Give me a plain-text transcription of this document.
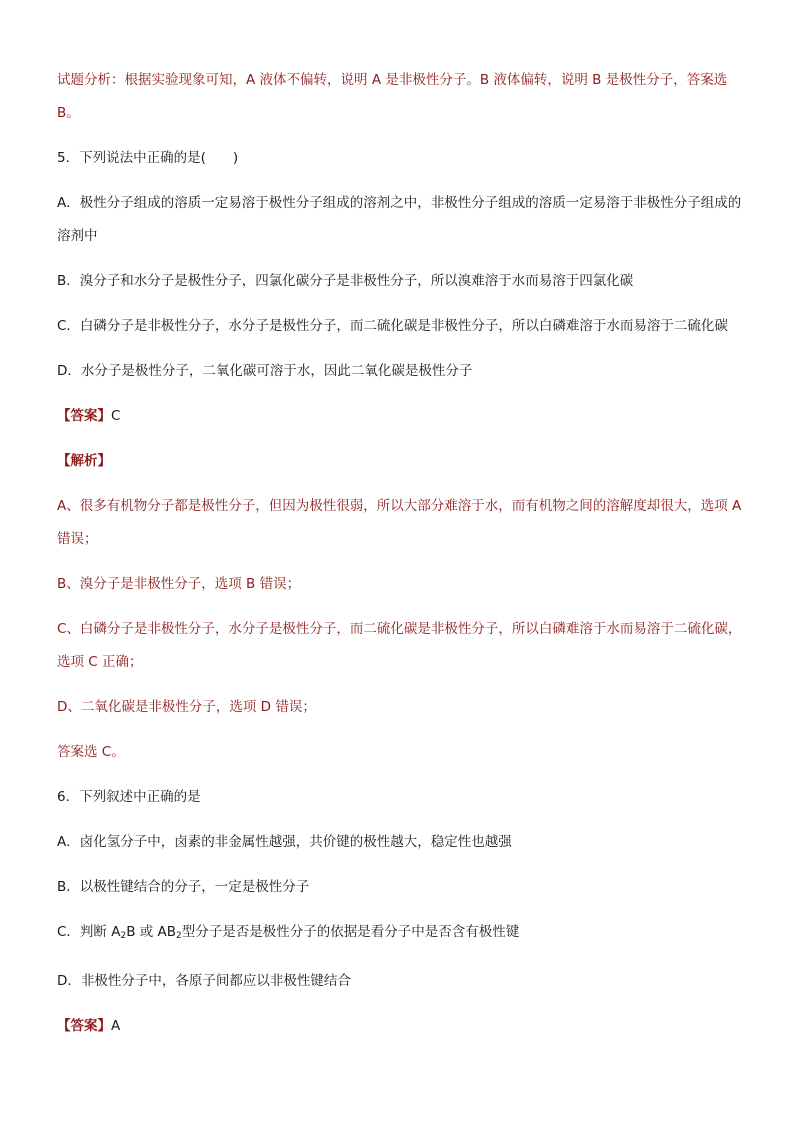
试题分析：根据实验现象可知，A 液体不偏转，说明 A 是非极性分子。B 液体偏转，说明 B 是极性分子，答案选 B。

5．下列说法中正确的是(　　)

A．极性分子组成的溶质一定易溶于极性分子组成的溶剂之中，非极性分子组成的溶质一定易溶于非极性分子组成的溶剂中

B．溴分子和水分子是极性分子，四氯化碳分子是非极性分子，所以溴难溶于水而易溶于四氯化碳

C．白磷分子是非极性分子，水分子是极性分子，而二硫化碳是非极性分子，所以白磷难溶于水而易溶于二硫化碳

D．水分子是极性分子，二氧化碳可溶于水，因此二氧化碳是极性分子

【答案】C

【解析】

A、很多有机物分子都是极性分子，但因为极性很弱，所以大部分难溶于水，而有机物之间的溶解度却很大，选项 A 错误；

B、溴分子是非极性分子，选项 B 错误；

C、白磷分子是非极性分子，水分子是极性分子，而二硫化碳是非极性分子，所以白磷难溶于水而易溶于二硫化碳，选项 C 正确；

D、二氧化碳是非极性分子，选项 D 错误；

答案选 C。

6．下列叙述中正确的是

A．卤化氢分子中，卤素的非金属性越强，共价键的极性越大，稳定性也越强

B．以极性键结合的分子，一定是极性分子

C．判断 $A_2B$ 或 $AB_2$型分子是否是极性分子的依据是看分子中是否含有极性键

D．非极性分子中，各原子间都应以非极性键结合

【答案】A
